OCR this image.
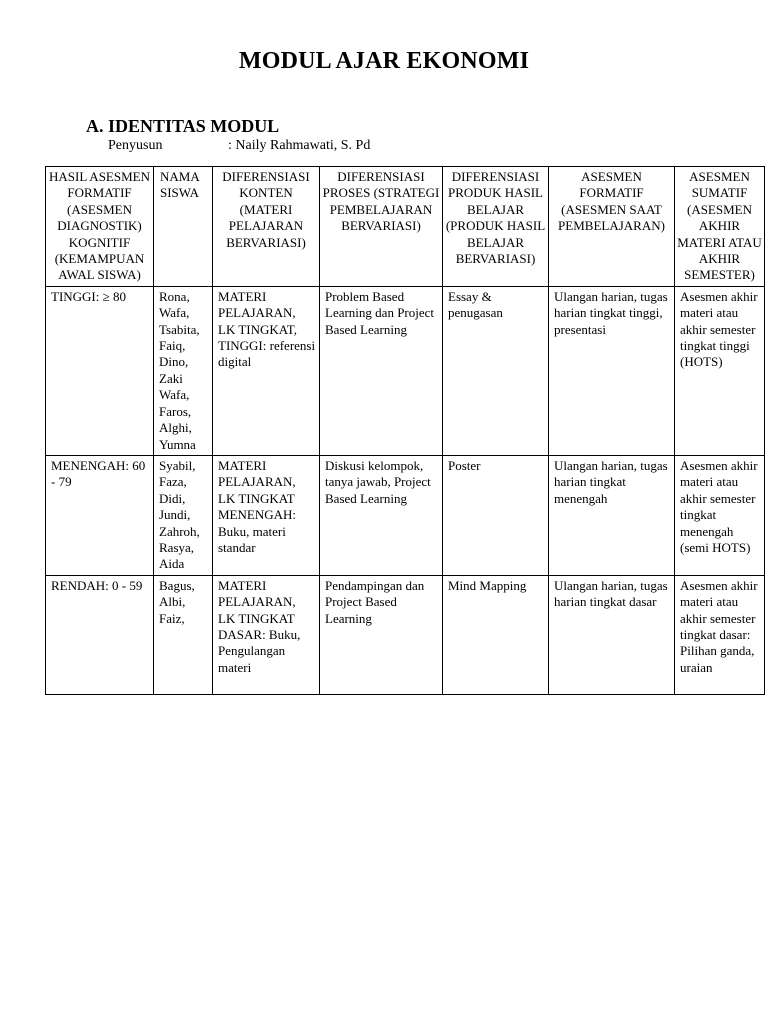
MODUL AJAR EKONOMI
A. IDENTITAS MODUL
Penyusun	: Naily Rahmawati, S. Pd
HASIL ASESMEN FORMATIF (ASESMEN DIAGNOSTIK) KOGNITIF (KEMAMPUAN AWAL SISWA)	NAMA SISWA	DIFERENSIASI KONTEN (MATERI PELAJARAN BERVARIASI)	DIFERENSIASI PROSES (STRATEGI PEMBELAJARAN BERVARIASI)	DIFERENSIASI PRODUK HASIL BELAJAR (PRODUK HASIL BELAJAR BERVARIASI)	ASESMEN FORMATIF (ASESMEN SAAT PEMBELAJARAN)	ASESMEN SUMATIF (ASESMEN AKHIR MATERI ATAU AKHIR SEMESTER)
TINGGI: ≥ 80	Rona, Wafa, Tsabita, Faiq, Dino, Zaki Wafa, Faros, Alghi, Yumna	MATERI PELAJARAN, LK TINGKAT, TINGGI: referensi digital	Problem Based Learning dan Project Based Learning	Essay & penugasan	Ulangan harian, tugas harian tingkat tinggi, presentasi	Asesmen akhir materi atau akhir semester tingkat tinggi (HOTS)
MENENGAH: 60 - 79	Syabil, Faza, Didi, Jundi, Zahroh, Rasya, Aida	MATERI PELAJARAN, LK TINGKAT MENENGAH: Buku, materi standar	Diskusi kelompok, tanya jawab, Project Based Learning	Poster	Ulangan harian, tugas harian tingkat menengah	Asesmen akhir materi atau akhir semester tingkat menengah (semi HOTS)
RENDAH: 0 - 59	Bagus, Albi, Faiz,	MATERI PELAJARAN, LK TINGKAT DASAR: Buku, Pengulangan materi	Pendampingan dan Project Based Learning	Mind Mapping	Ulangan harian, tugas harian tingkat dasar	Asesmen akhir materi atau akhir semester tingkat dasar: Pilihan ganda, uraian
